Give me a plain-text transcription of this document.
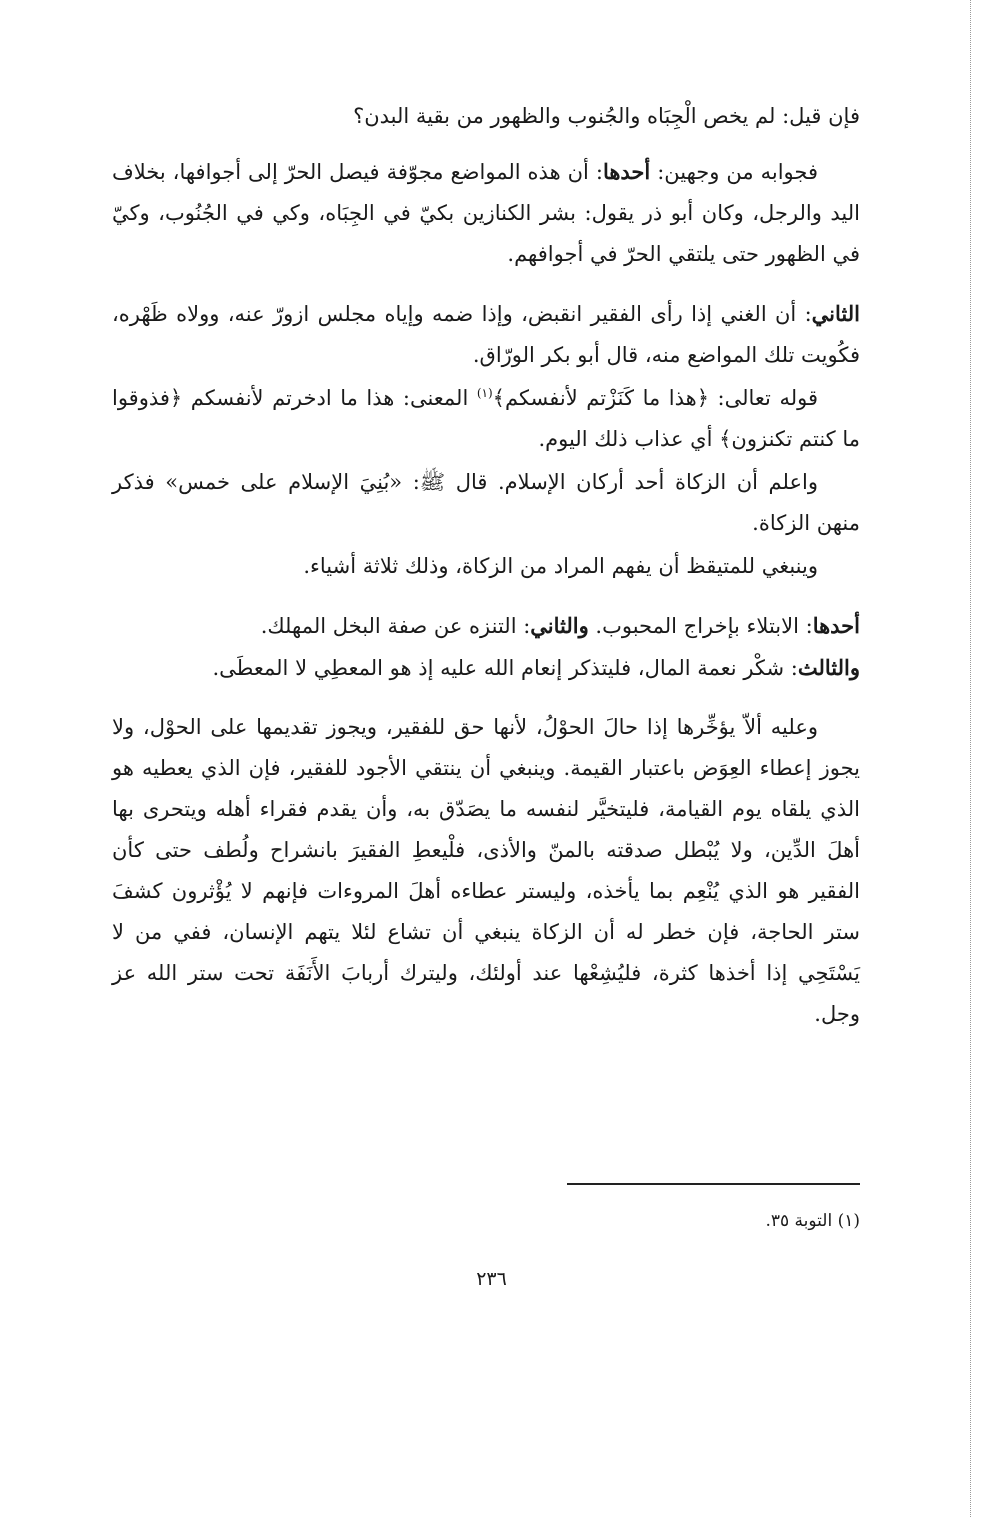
فإن قيل: لم يخص الْجِبَاه والجُنوب والظهور من بقية البدن؟

فجوابه من وجهين: أحدها: أن هذه المواضع مجوّفة فيصل الحرّ إلى أجوافها، بخلاف اليد والرجل، وكان أبو ذر يقول: بشر الكنازين بكيّ في الجِبَاه، وكي في الجُنُوب، وكيّ في الظهور حتى يلتقي الحرّ في أجوافهم.

الثاني: أن الغني إذا رأى الفقير انقبض، وإذا ضمه وإياه مجلس ازورّ عنه، وولاه ظَهْره، فكُويت تلك المواضع منه، قال أبو بكر الورّاق.

قوله تعالى: ﴿هذا ما كَنَزْتم لأنفسكم﴾$^{(١)}$ المعنى: هذا ما ادخرتم لأنفسكم ﴿فذوقوا ما كنتم تكنزون﴾ أي عذاب ذلك اليوم.

واعلم أن الزكاة أحد أركان الإسلام. قال ﷺ: «بُنِيَ الإسلام على خمس» فذكر منهن الزكاة.

وينبغي للمتيقظ أن يفهم المراد من الزكاة، وذلك ثلاثة أشياء.

أحدها: الابتلاء بإخراج المحبوب. والثاني: التنزه عن صفة البخل المهلك.
والثالث: شكْر نعمة المال، فليتذكر إنعام الله عليه إذ هو المعطِي لا المعطَى.

وعليه ألاّ يؤخِّرها إذا حالَ الحوْلُ، لأنها حق للفقير، ويجوز تقديمها على الحوْل، ولا يجوز إعطاء العِوَض باعتبار القيمة. وينبغي أن ينتقي الأجود للفقير، فإن الذي يعطيه هو الذي يلقاه يوم القيامة، فليتخيَّر لنفسه ما يصَدّق به، وأن يقدم فقراء أهله ويتحرى بها أهلَ الدِّين، ولا يُبْطل صدقته بالمنّ والأذى، فلْيعطِ الفقيرَ بانشراح ولُطف حتى كأن الفقير هو الذي يُنْعِم بما يأخذه، وليستر عطاءه أهلَ المروءات فإنهم لا يُؤْثرون كشفَ ستر الحاجة، فإن خطر له أن الزكاة ينبغي أن تشاع لئلا يتهم الإنسان، ففي من لا يَسْتَحِي إذا أخذها كثرة، فليُشِعْها عند أولئك، وليترك أربابَ الأَنَفَة تحت ستر الله عز وجل.

(١) التوبة ٣٥.
٢٣٦
